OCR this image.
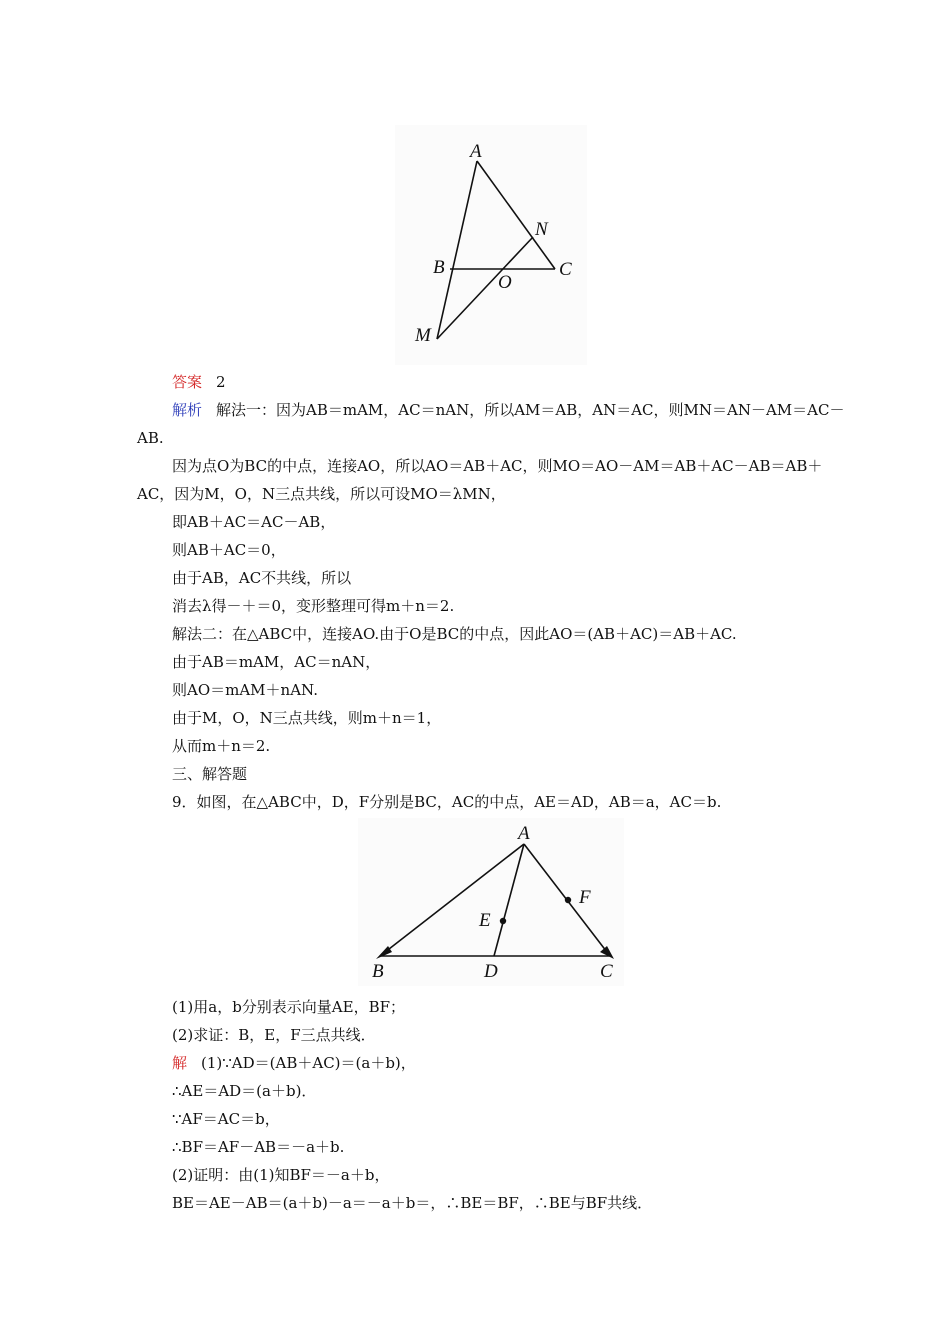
A
B	C
N
O
M
答案 2
解析 解法一：因为AB＝mAM，AC＝nAN，所以AM＝AB，AN＝AC，则MN＝AN－AM＝AC－
AB.
因为点O为BC的中点，连接AO，所以AO＝AB＋AC，则MO＝AO－AM＝AB＋AC－AB＝AB＋
AC，因为M，O，N三点共线，所以可设MO＝λMN，
即AB＋AC＝AC－AB，
则AB＋AC＝0，
由于AB，AC不共线，所以
消去λ得－＋＝0，变形整理可得m＋n＝2.
解法二：在△ABC中，连接AO.由于O是BC的中点，因此AO＝(AB＋AC)＝AB＋AC.
由于AB＝mAM，AC＝nAN，
则AO＝mAM＋nAN.
由于M，O，N三点共线，则m＋n＝1，
从而m＋n＝2.
三、解答题
9．如图，在△ABC中，D，F分别是BC，AC的中点，AE＝AD，AB＝a，AC＝b.
A
B	C
D
E
F
(1)用a，b分别表示向量AE，BF；
(2)求证：B，E，F三点共线．
解 (1)∵AD＝(AB＋AC)＝(a＋b)，
∴AE＝AD＝(a＋b)．
∵AF＝AC＝b，
∴BF＝AF－AB＝－a＋b.
(2)证明：由(1)知BF＝－a＋b，
BE＝AE－AB＝(a＋b)－a＝－a＋b＝，∴BE＝BF，∴BE与BF共线．
